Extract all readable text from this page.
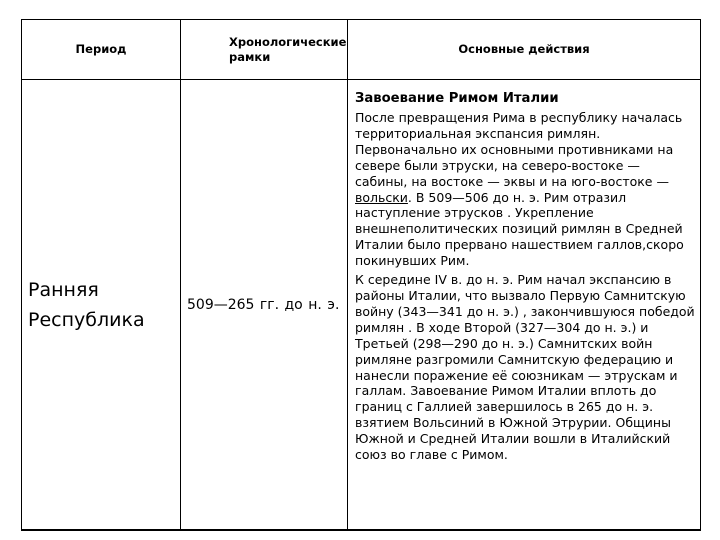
Период	Хронологические рамки	Основные действия
Ранняя Республика	509—265 гг. до н. э.	Завоевание Римом Италии

После превращения Рима в республику началась
территориальная экспансия римлян. Первоначально их основными противниками на севере были этруски, на северо-востоке — сабины, на востоке — эквы и на юго-востоке — вольски. В 509—506 до н. э. Рим отразил наступление этрусков . Укрепление внешнеполитических позиций римлян в Средней Италии было прервано нашествием галлов,скоро покинувших Рим.

К середине IV в. до н. э. Рим начал экспансию в районы Италии, что вызвало Первую Самнитскую войну (343—341 до н. э.) , закончившуюся победой римлян . В ходе Второй (327—304 до н. э.) и Третьей (298—290 до н. э.) Самнитских войн римляне разгромили Самнитскую федерацию и нанесли поражение её союзникам — этрускам и галлам. Завоевание Римом Италии вплоть до границ с Галлией завершилось в 265 до н. э. взятием Вольсиний в Южной Этрурии. Общины Южной и Средней Италии вошли в Италийский союз во главе с Римом.
